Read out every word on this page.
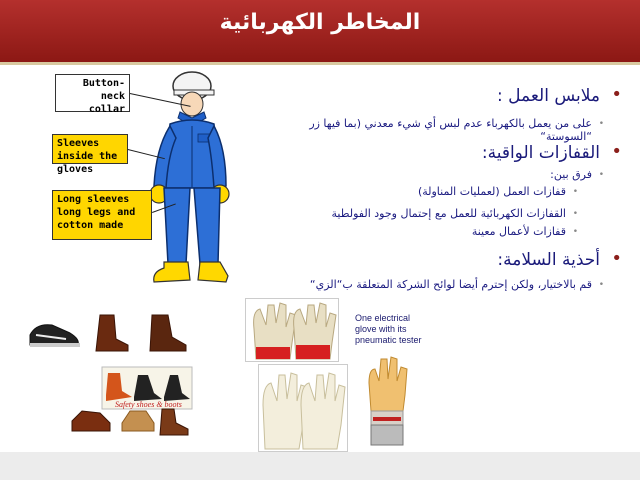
المخاطر الكهربائية
Button-neck collar
Sleeves inside the gloves
Long sleeves long legs and cotton made
•
ملابس العمل :
•
على من يعمل بالكهرباء عدم لبس أي شيء معدني (بما فيها زر “السوستة“
•
القفازات الواقية:
•
فرق بين:
•
قفازات العمل (لعمليات المناولة)
•
القفازات الكهربائية للعمل مع إحتمال وجود الفولطية
•
قفازات لأعمال معينة
•
أحذية السلامة:
•
قم بالاختيار، ولكن إحترم أيضا لوائح الشركة المتعلقة ب“الزي“
Safety shoes & boots
One electrical glove with its pneumatic tester
